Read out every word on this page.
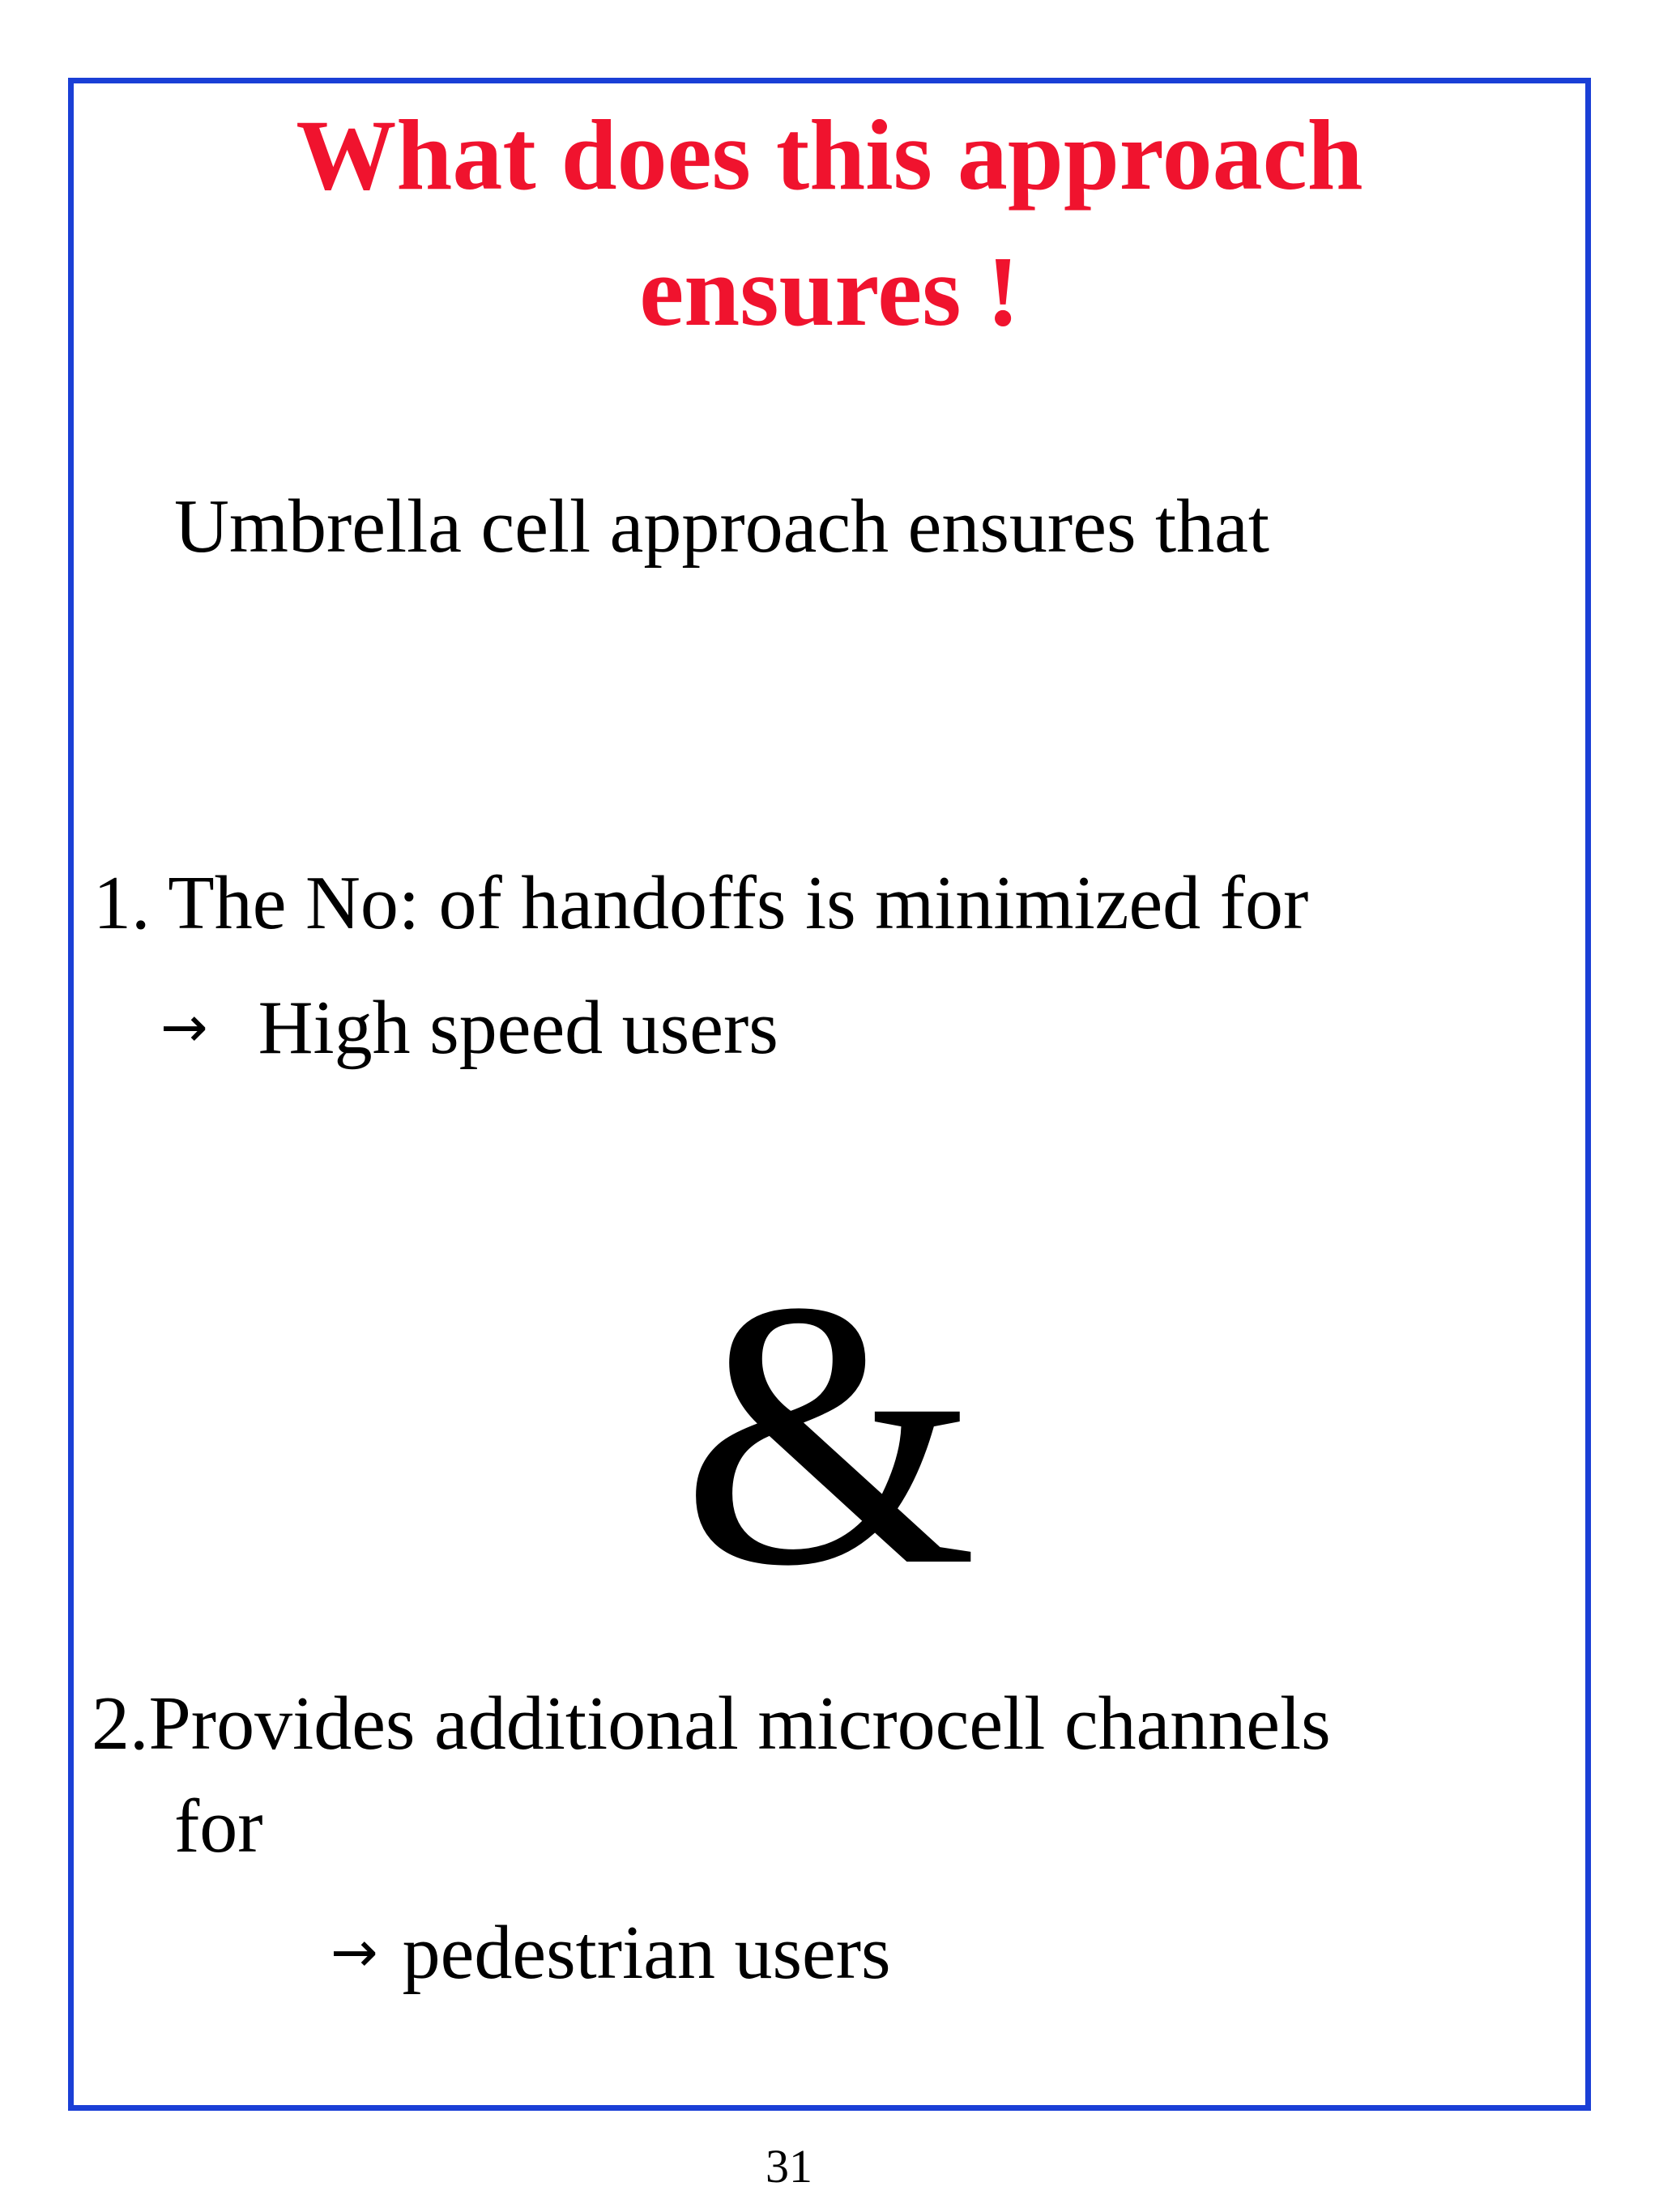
What does this approach
ensures !
Umbrella cell approach ensures that
1. The No: of handoffs is minimized for
→ High speed users
&
2.Provides additional microcell channels
for
→ pedestrian users
31
